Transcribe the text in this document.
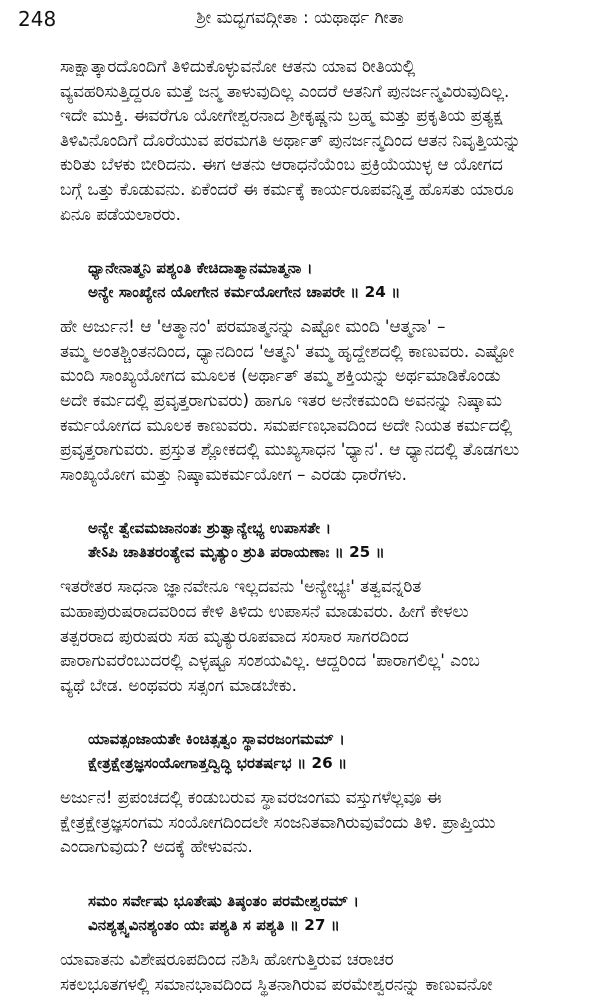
248	ಶ್ರೀ ಮದ್ಭಗವದ್ಗೀತಾ : ಯಥಾರ್ಥ ಗೀತಾ

ಸಾಕ್ಷಾತ್ಕಾರದೊಂದಿಗೆ ತಿಳಿದುಕೊಳ್ಳುವನೋ ಆತನು ಯಾವ ರೀತಿಯಲ್ಲಿ

ವ್ಯವಹರಿಸುತ್ತಿದ್ದರೂ ಮತ್ತೆ ಜನ್ಮ ತಾಳುವುದಿಲ್ಲ ಎಂದರೆ ಆತನಿಗೆ ಪುನರ್ಜನ್ಮವಿರುವುದಿಲ್ಲ.

ಇದೇ ಮುಕ್ತಿ. ಈವರೆಗೂ ಯೋಗೇಶ್ವರನಾದ ಶ್ರೀಕೃಷ್ಣನು ಬ್ರಹ್ಮ ಮತ್ತು ಪ್ರಕೃತಿಯ ಪ್ರತ್ಯಕ್ಷ

ತಿಳಿವಿನೊಂದಿಗೆ ದೊರೆಯುವ ಪರಮಗತಿ ಅರ್ಥಾತ್ ಪುನರ್ಜನ್ಮದಿಂದ ಆತನ ನಿವೃತ್ತಿಯನ್ನು

ಕುರಿತು ಬೆಳಕು ಬೀರಿದನು. ಈಗ ಆತನು ಆರಾಧನೆಯೆಂಬ ಪ್ರಕ್ರಿಯೆಯುಳ್ಳ ಆ ಯೋಗದ

ಬಗ್ಗೆ ಒತ್ತು ಕೊಡುವನು. ಏಕೆಂದರೆ ಈ ಕರ್ಮಕ್ಕೆ ಕಾರ್ಯರೂಪವನ್ನಿತ್ತ ಹೊಸತು ಯಾರೂ

ಏನೂ ಪಡೆಯಲಾರರು.

ಧ್ಯಾನೇನಾತ್ಮನಿ ಪಶ್ಯಂತಿ ಕೇಚಿದಾತ್ಮಾನಮಾತ್ಮನಾ ।

ಅನ್ಯೇ ಸಾಂಖ್ಯೇನ ಯೋಗೇನ ಕರ್ಮಯೋಗೇನ ಚಾಪರೇ ॥ 24 ॥

ಹೇ ಅರ್ಜುನ! ಆ 'ಆತ್ಮಾನಂ' ಪರಮಾತ್ಮನನ್ನು ಎಷ್ಟೋ ಮಂದಿ 'ಆತ್ಮನಾ' –

ತಮ್ಮ ಅಂತಶ್ಚಿಂತನದಿಂದ, ಧ್ಯಾನದಿಂದ 'ಆತ್ಮನಿ' ತಮ್ಮ ಹೃದ್ದೇಶದಲ್ಲಿ ಕಾಣುವರು. ಎಷ್ಟೋ

ಮಂದಿ ಸಾಂಖ್ಯಯೋಗದ ಮೂಲಕ (ಅರ್ಥಾತ್ ತಮ್ಮ ಶಕ್ತಿಯನ್ನು ಅರ್ಥಮಾಡಿಕೊಂಡು

ಅದೇ ಕರ್ಮದಲ್ಲಿ ಪ್ರವೃತ್ತರಾಗುವರು) ಹಾಗೂ ಇತರ ಅನೇಕಮಂದಿ ಅವನನ್ನು ನಿಷ್ಕಾಮ

ಕರ್ಮಯೋಗದ ಮೂಲಕ ಕಾಣುವರು. ಸಮರ್ಪಣಭಾವದಿಂದ ಅದೇ ನಿಯತ ಕರ್ಮದಲ್ಲಿ

ಪ್ರವೃತ್ತರಾಗುವರು. ಪ್ರಸ್ತುತ ಶ್ಲೋಕದಲ್ಲಿ ಮುಖ್ಯಸಾಧನ 'ಧ್ಯಾನ'. ಆ ಧ್ಯಾನದಲ್ಲಿ ತೊಡಗಲು

ಸಾಂಖ್ಯಯೋಗ ಮತ್ತು ನಿಷ್ಕಾಮಕರ್ಮಯೋಗ – ಎರಡು ಧಾರೆಗಳು.

ಅನ್ಯೇ ತ್ವೇವಮಜಾನಂತಃ ಶ್ರುತ್ವಾನ್ಯೇಭ್ಯ ಉಪಾಸತೇ ।

ತೇऽಪಿ ಚಾತಿತರಂತ್ಯೇವ ಮೃತ್ಯುಂ ಶ್ರುತಿ ಪರಾಯಣಾಃ ॥ 25 ॥

ಇತರೇತರ ಸಾಧನಾ ಜ್ಞಾನವೇನೂ ಇಲ್ಲದವನು 'ಅನ್ಯೇಭ್ಯಃ' ತತ್ವವನ್ನರಿತ

ಮಹಾಪುರುಷರಾದವರಿಂದ ಕೇಳಿ ತಿಳಿದು ಉಪಾಸನೆ ಮಾಡುವರು. ಹೀಗೆ ಕೇಳಲು

ತತ್ಪರರಾದ ಪುರುಷರು ಸಹ ಮೃತ್ಯುರೂಪವಾದ ಸಂಸಾರ ಸಾಗರದಿಂದ

ಪಾರಾಗುವರೆಂಬುದರಲ್ಲಿ ಎಳ್ಳಷ್ಟೂ ಸಂಶಯವಿಲ್ಲ. ಆದ್ದರಿಂದ 'ಪಾರಾಗಲಿಲ್ಲ' ಎಂಬ

ವ್ಯಥೆ ಬೇಡ. ಅಂಥವರು ಸತ್ಸಂಗ ಮಾಡಬೇಕು.

ಯಾವತ್ಸಂಜಾಯತೇ ಕಿಂಚಿತ್ಸತ್ವಂ ಸ್ಥಾವರಜಂಗಮಮ್ ।

ಕ್ಷೇತ್ರಕ್ಷೇತ್ರಜ್ಞಸಂಯೋಗಾತ್ತದ್ವಿದ್ಧಿ ಭರತರ್ಷಭ ॥ 26 ॥

ಅರ್ಜುನ! ಪ್ರಪಂಚದಲ್ಲಿ ಕಂಡುಬರುವ ಸ್ಥಾವರಜಂಗಮ ವಸ್ತುಗಳೆಲ್ಲವೂ ಈ

ಕ್ಷೇತ್ರಕ್ಷೇತ್ರಜ್ಞಸಂಗಮ ಸಂಯೋಗದಿಂದಲೇ ಸಂಜನಿತವಾಗಿರುವುವೆಂದು ತಿಳಿ. ಪ್ರಾಪ್ತಿಯು

ಎಂದಾಗುವುದು? ಅದಕ್ಕೆ ಹೇಳುವನು.

ಸಮಂ ಸರ್ವೇಷು ಭೂತೇಷು ತಿಷ್ಠಂತಂ ಪರಮೇಶ್ವರಮ್ ।

ವಿನಶ್ಯತ್ಸ್ವವಿನಶ್ಯಂತಂ ಯಃ ಪಶ್ಯತಿ ಸ ಪಶ್ಯತಿ ॥ 27 ॥

ಯಾವಾತನು ವಿಶೇಷರೂಪದಿಂದ ನಶಿಸಿ ಹೋಗುತ್ತಿರುವ ಚರಾಚರ

ಸಕಲಭೂತಗಳಲ್ಲಿ ಸಮಾನಭಾವದಿಂದ ಸ್ಥಿತನಾಗಿರುವ ಪರಮೇಶ್ವರನನ್ನು ಕಾಣುವನೋ
